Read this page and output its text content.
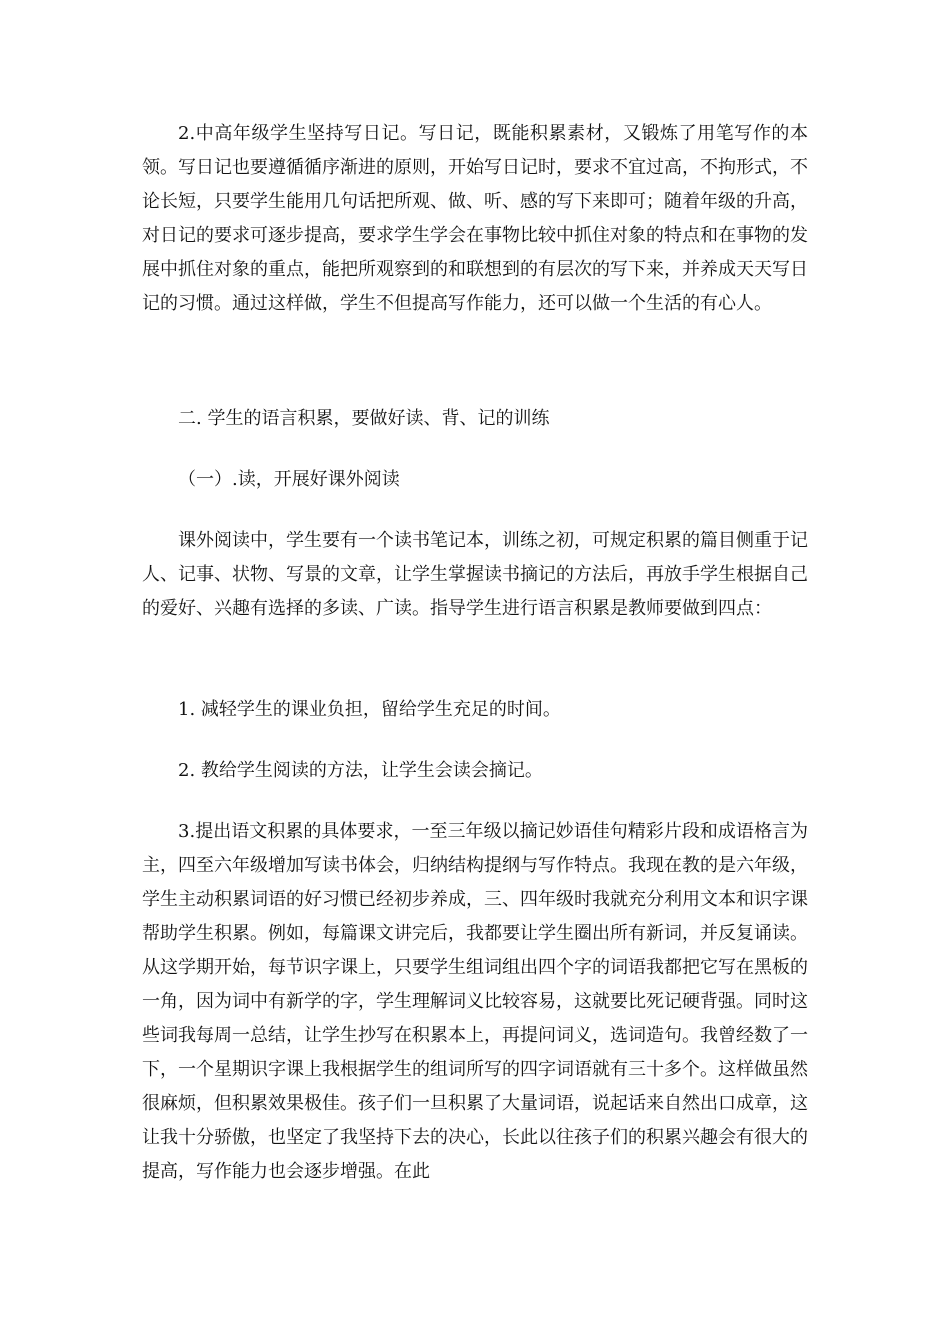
2.中高年级学生坚持写日记。写日记，既能积累素材，又锻炼了用笔写作的本领。写日记也要遵循循序渐进的原则，开始写日记时，要求不宜过高，不拘形式，不论长短，只要学生能用几句话把所观、做、听、感的写下来即可；随着年级的升高，对日记的要求可逐步提高，要求学生学会在事物比较中抓住对象的特点和在事物的发展中抓住对象的重点，能把所观察到的和联想到的有层次的写下来，并养成天天写日记的习惯。通过这样做，学生不但提高写作能力，还可以做一个生活的有心人。

二. 学生的语言积累，要做好读、背、记的训练

（一）.读，开展好课外阅读

课外阅读中，学生要有一个读书笔记本，训练之初，可规定积累的篇目侧重于记人、记事、状物、写景的文章，让学生掌握读书摘记的方法后，再放手学生根据自己的爱好、兴趣有选择的多读、广读。指导学生进行语言积累是教师要做到四点：

1. 减轻学生的课业负担，留给学生充足的时间。

2. 教给学生阅读的方法，让学生会读会摘记。

3.提出语文积累的具体要求，一至三年级以摘记妙语佳句精彩片段和成语格言为主，四至六年级增加写读书体会，归纳结构提纲与写作特点。我现在教的是六年级，学生主动积累词语的好习惯已经初步养成，三、四年级时我就充分利用文本和识字课帮助学生积累。例如，每篇课文讲完后，我都要让学生圈出所有新词，并反复诵读。从这学期开始，每节识字课上，只要学生组词组出四个字的词语我都把它写在黑板的一角，因为词中有新学的字，学生理解词义比较容易，这就要比死记硬背强。同时这些词我每周一总结，让学生抄写在积累本上，再提问词义，选词造句。我曾经数了一下，一个星期识字课上我根据学生的组词所写的四字词语就有三十多个。这样做虽然很麻烦，但积累效果极佳。孩子们一旦积累了大量词语，说起话来自然出口成章，这让我十分骄傲，也坚定了我坚持下去的决心，长此以往孩子们的积累兴趣会有很大的提高，写作能力也会逐步增强。在此
